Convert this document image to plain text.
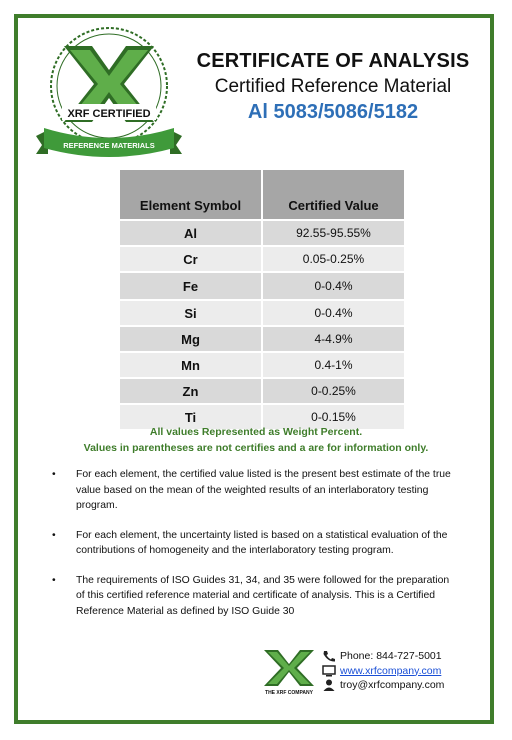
XRF CERTIFIED
REFERENCE MATERIALS
CERTIFICATE OF ANALYSIS
Certified Reference Material
Al 5083/5086/5182
Element Symbol	Certified Value
Al	92.55-95.55%
Cr	0.05-0.25%
Fe	0-0.4%
Si	0-0.4%
Mg	4-4.9%
Mn	0.4-1%
Zn	0-0.25%
Ti	0-0.15%
All values Represented as Weight Percent.
Values in parentheses are not certifies and a are for information only.
• For each element, the certified value listed is the present best estimate of the true value based on the mean of the weighted results of an interlaboratory testing program.
• For each element, the uncertainty listed is based on a statistical evaluation of the contributions of homogeneity and the interlaboratory testing program.
• The requirements of ISO Guides 31, 34, and 35 were followed for the preparation of this certified reference material and certificate of analysis. This is a Certified Reference Material as defined by ISO Guide 30
THE XRF COMPANY
Phone: 844-727-5001
www.xrfcompany.com
troy@xrfcompany.com
